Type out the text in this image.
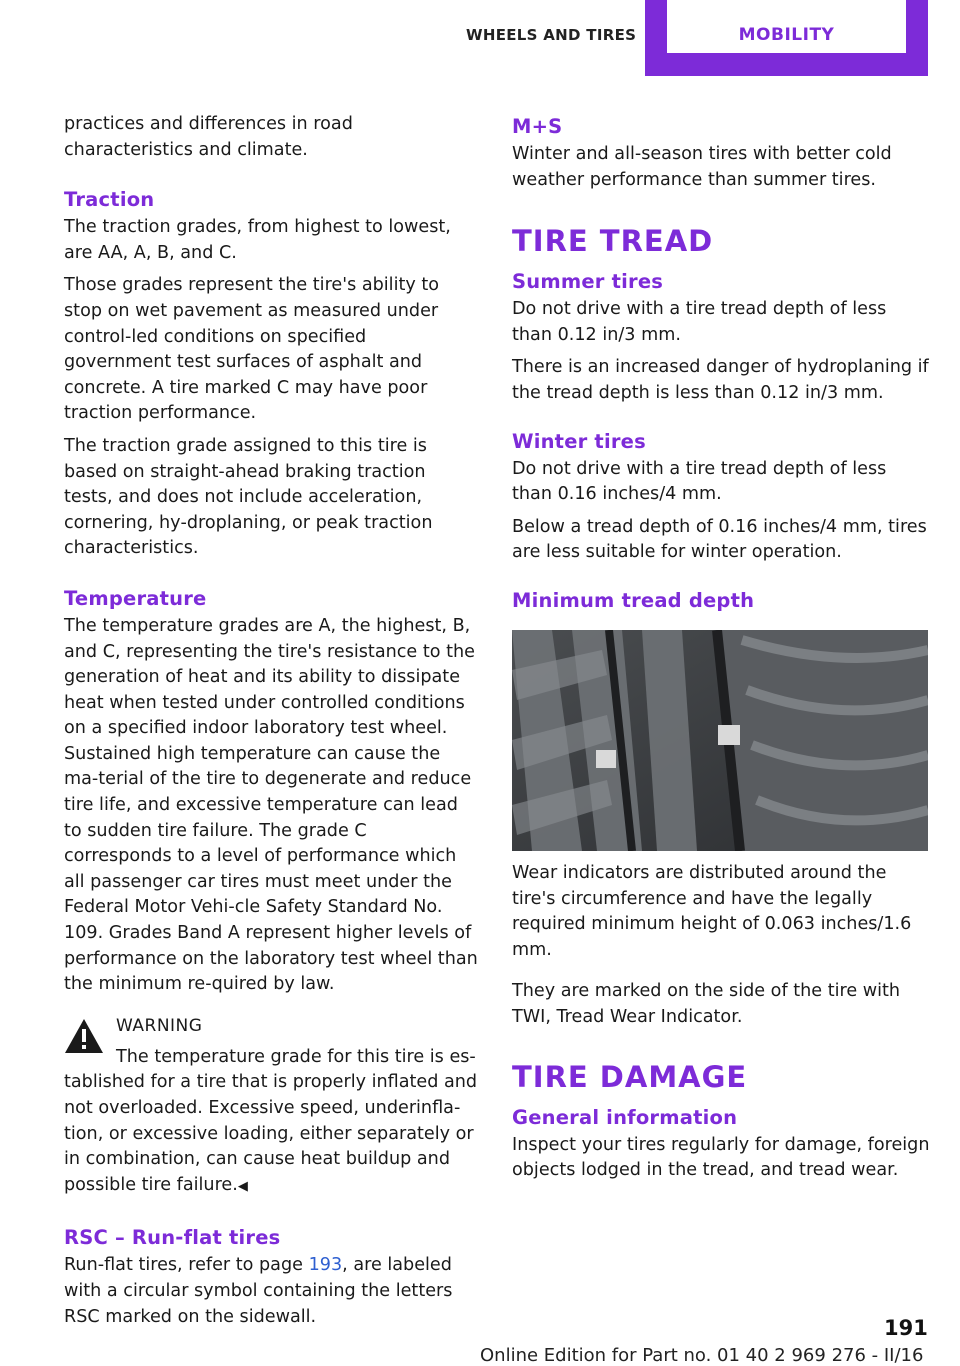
WHEELS AND TIRES	MOBILITY

practices and differences in road characteristics and climate.

Traction

The traction grades, from highest to lowest, are AA, A, B, and C.

Those grades represent the tire's ability to stop on wet pavement as measured under control‐led conditions on specified government test surfaces of asphalt and concrete. A tire marked C may have poor traction performance.

The traction grade assigned to this tire is based on straight-ahead braking traction tests, and does not include acceleration, cornering, hy‐droplaning, or peak traction characteristics.

Temperature

The temperature grades are A, the highest, B, and C, representing the tire's resistance to the generation of heat and its ability to dissipate heat when tested under controlled conditions on a specified indoor laboratory test wheel. Sustained high temperature can cause the ma‐terial of the tire to degenerate and reduce tire life, and excessive temperature can lead to sudden tire failure. The grade C corresponds to a level of performance which all passenger car tires must meet under the Federal Motor Vehi‐cle Safety Standard No. 109. Grades Band A represent higher levels of performance on the laboratory test wheel than the minimum re‐quired by law.

WARNING

The temperature grade for this tire is es‐tablished for a tire that is properly inflated and not overloaded. Excessive speed, underinfla‐tion, or excessive loading, either separately or in combination, can cause heat buildup and possible tire failure.◀

RSC – Run-flat tires

Run-flat tires, refer to page 193, are labeled with a circular symbol containing the letters RSC marked on the sidewall.

M+S

Winter and all-season tires with better cold weather performance than summer tires.

TIRE TREAD
Summer tires

Do not drive with a tire tread depth of less than 0.12 in/3 mm.

There is an increased danger of hydroplaning if the tread depth is less than 0.12 in/3 mm.

Winter tires

Do not drive with a tire tread depth of less than 0.16 inches/4 mm.

Below a tread depth of 0.16 inches/4 mm, tires are less suitable for winter operation.

Minimum tread depth

Wear indicators are distributed around the tire's circumference and have the legally required minimum height of 0.063 inches/1.6 mm.

They are marked on the side of the tire with TWI, Tread Wear Indicator.

TIRE DAMAGE
General information

Inspect your tires regularly for damage, foreign objects lodged in the tread, and tread wear.

191
Online Edition for Part no. 01 40 2 969 276 - II/16
